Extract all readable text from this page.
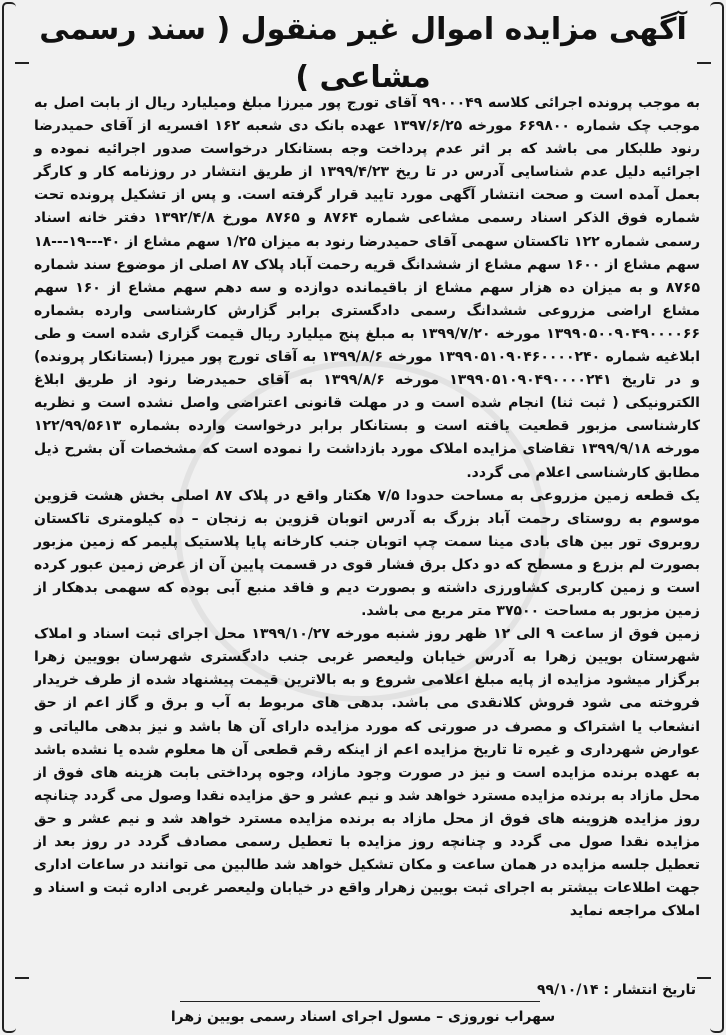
آگهی مزایده اموال غیر منقول ( سند رسمی مشاعی )

به موجب پرونده اجرائی کلاسه ۹۹۰۰۰۴۹ آقای تورج پور میرزا مبلغ ومیلیارد ریال از بابت اصل به موجب چک شماره ۶۶۹۸۰۰ مورخه ۱۳۹۷/۶/۲۵ عهده بانک دی شعبه ۱۶۲ افسریه از آقای حمیدرضا رنود طلبکار می باشد که بر اثر عدم پرداخت وجه بستانکار درخواست صدور اجرائیه نموده و اجرائیه دلیل عدم شناسایی آدرس در تا ریخ ۱۳۹۹/۴/۲۳ از طریق انتشار در روزنامه کار و کارگر بعمل آمده است و صحت انتشار آگهی مورد تایید قرار گرفته است. و پس از تشکیل پرونده تحت شماره فوق الذکر اسناد رسمی مشاعی شماره ۸۷۶۴ و ۸۷۶۵ مورخ ۱۳۹۲/۴/۸ دفتر خانه اسناد رسمی شماره ۱۲۲ تاکستان سهمی آقای حمیدرضا رنود به میزان ۱/۲۵ سهم مشاع از ۴۰---۱۹---۱۸ سهم مشاع از ۱۶۰۰ سهم مشاع از ششدانگ قریه رحمت آباد پلاک ۸۷ اصلی از موضوع سند شماره ۸۷۶۵ و به میزان ده هزار سهم مشاع از باقیمانده دوازده و سه دهم سهم مشاع از ۱۶۰ سهم مشاع اراضی مزروعی ششدانگ رسمی دادگستری برابر گزارش کارشناسی وارده بشماره ۱۳۹۹۰۵۰۰۹۰۴۹۰۰۰۰۶۶ مورخه ۱۳۹۹/۷/۲۰ به مبلغ پنج میلیارد ریال قیمت گزاری شده است و طی ابلاغیه شماره ۱۳۹۹۰۵۱۰۹۰۴۶۰۰۰۰۲۴۰ مورخه ۱۳۹۹/۸/۶ به آقای تورج پور میرزا (بستانکار پرونده) و در تاریخ ۱۳۹۹۰۵۱۰۹۰۴۹۰۰۰۰۲۴۱ مورخه ۱۳۹۹/۸/۶ به آقای حمیدرضا رنود از طریق ابلاغ الکترونیکی ( ثبت ثنا) انجام شده است و در مهلت قانونی اعتراضی واصل نشده است و نظریه کارشناسی مزبور قطعیت یافته است و بستانکار برابر درخواست وارده بشماره ۱۲۲/۹۹/۵۶۱۳ مورخه ۱۳۹۹/۹/۱۸ تقاضای مزایده املاک مورد بازداشت را نموده است که مشخصات آن بشرح ذیل مطابق کارشناسی اعلام می گردد.

یک قطعه زمین مزروعی به مساحت حدودا ۷/۵ هکتار واقع در پلاک ۸۷ اصلی بخش هشت قزوین موسوم به روستای رحمت آباد بزرگ به آدرس اتوبان قزوین به زنجان – ده کیلومتری تاکستان روبروی تور بین های بادی مینا سمت چپ اتوبان جنب کارخانه پایا پلاستیک پلیمر که زمین مزبور بصورت لم بزرع و مسطح که دو دکل برق فشار قوی در قسمت پایین آن از عرض زمین عبور کرده است و زمین کاربری کشاورزی داشته و بصورت دیم و فاقد منبع آبی بوده که سهمی بدهکار از زمین مزبور به مساحت ۳۷۵۰۰ متر مربع می باشد.

زمین فوق از ساعت ۹ الی ۱۲ ظهر روز شنبه مورخه ۱۳۹۹/۱۰/۲۷ محل اجرای ثبت اسناد و املاک شهرستان بویین زهرا به آدرس خیابان ولیعصر غربی جنب دادگستری شهرسان بوویین زهرا برگزار میشود مزایده از پایه مبلغ اعلامی شروع و به بالاترین قیمت پیشنهاد شده از طرف خریدار فروخته می شود فروش کلانقدی می باشد. بدهی های مربوط به آب و برق و گاز اعم از حق انشعاب یا اشتراک و مصرف در صورتی که مورد مزایده دارای آن ها باشد و نیز بدهی مالیاتی و عوارض شهرداری و غیره تا تاریخ مزایده اعم از اینکه رقم قطعی آن ها معلوم شده یا نشده باشد به عهده برنده مزایده است و نیز در صورت وجود مازاد، وجوه پرداختی بابت هزینه های فوق از محل مازاد به برنده مزایده مسترد خواهد شد و نیم عشر و حق مزایده نقدا وصول می گردد چنانچه روز مزایده هزوینه های فوق از محل مازاد به برنده مزایده مسترد خواهد شد و نیم عشر و حق مزایده نقدا صول می گردد و چنانچه روز مزایده با تعطیل رسمی مصادف گردد در روز بعد از تعطیل جلسه مزایده در همان ساعت و مکان تشکیل خواهد شد طالبین می توانند در ساعات اداری جهت اطلاعات بیشتر به اجرای ثبت بویین زهرار واقع در خیابان ولیعصر غربی اداره ثبت و اسناد و املاک مراجعه نماید

تاریخ انتشار : ۹۹/۱۰/۱۴
سهراب نوروزی – مسول اجرای اسناد رسمی بویین زهرا
